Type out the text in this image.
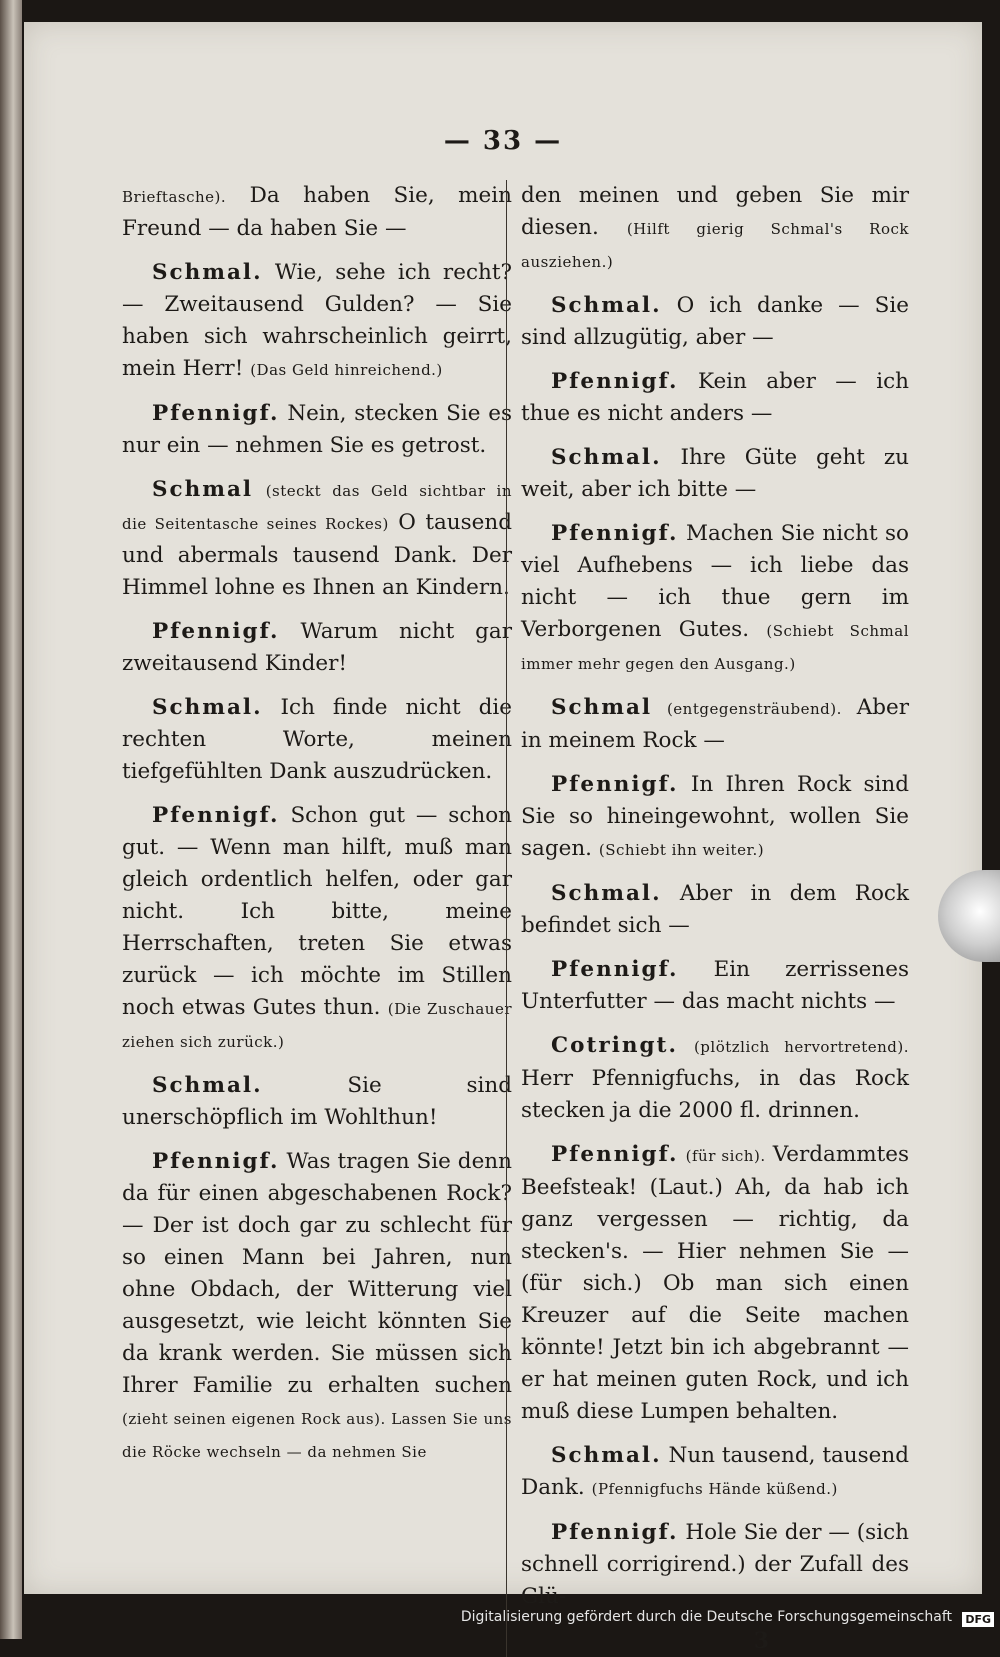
— 33 —

Brieftasche). Da haben Sie, mein Freund — da haben Sie —

Schmal. Wie, sehe ich recht? — Zweitausend Gulden? — Sie haben sich wahrscheinlich geirrt, mein Herr! (Das Geld hinreichend.)

Pfennigf. Nein, stecken Sie es nur ein — nehmen Sie es getrost.

Schmal (steckt das Geld sichtbar in die Seitentasche seines Rockes) O tausend und abermals tausend Dank. Der Himmel lohne es Ihnen an Kindern.

Pfennigf. Warum nicht gar zweitausend Kinder!

Schmal. Ich finde nicht die rechten Worte, meinen tiefgefühlten Dank auszudrücken.

Pfennigf. Schon gut — schon gut. — Wenn man hilft, muß man gleich ordentlich helfen, oder gar nicht. Ich bitte, meine Herrschaften, treten Sie etwas zurück — ich möchte im Stillen noch etwas Gutes thun. (Die Zuschauer ziehen sich zurück.)

Schmal.	Sie sind unerschöpflich im Wohlthun!

Pfennigf. Was tragen Sie denn da für einen abgeschabenen Rock? — Der ist doch gar zu schlecht für so einen Mann bei Jahren, nun ohne Obdach, der Witterung viel ausgesetzt, wie leicht könnten Sie da krank werden. Sie müssen sich Ihrer Familie zu erhalten suchen (zieht seinen eigenen Rock aus). Lassen Sie uns die Röcke wechseln — da nehmen Sie

den meinen und geben Sie mir diesen. (Hilft gierig Schmal's Rock ausziehen.)

Schmal. O ich danke — Sie sind allzugütig, aber —

Pfennigf. Kein aber — ich thue es nicht anders —

Schmal. Ihre Güte geht zu weit, aber ich bitte —

Pfennigf. Machen Sie nicht so viel Aufhebens — ich liebe das nicht — ich thue gern im Verborgenen Gutes. (Schiebt Schmal immer mehr gegen den Ausgang.)

Schmal (entgegensträubend). Aber in meinem Rock —

Pfennigf. In Ihren Rock sind Sie so hineingewohnt, wollen Sie sagen. (Schiebt ihn weiter.)

Schmal. Aber in dem Rock befindet sich —

Pfennigf. Ein zerrissenes Unterfutter — das macht nichts —

Cotringt. (plötzlich hervortretend). Herr Pfennigfuchs, in das Rock stecken ja die 2000 fl. drinnen.

Pfennigf. (für sich). Verdammtes Beefsteak! (Laut.) Ah, da hab ich ganz vergessen — richtig, da stecken's. — Hier nehmen Sie — (für sich.) Ob man sich einen Kreuzer auf die Seite machen könnte! Jetzt bin ich abgebrannt — er hat meinen guten Rock, und ich muß diese Lumpen behalten.

Schmal. Nun tausend, tausend Dank. (Pfennigfuchs Hände küßend.)

Pfennigf. Hole Sie der — (sich schnell corrigirend.) der Zufall des Glü-

3
Digitalisierung gefördert durch die Deutsche Forschungsgemeinschaft	DFG
